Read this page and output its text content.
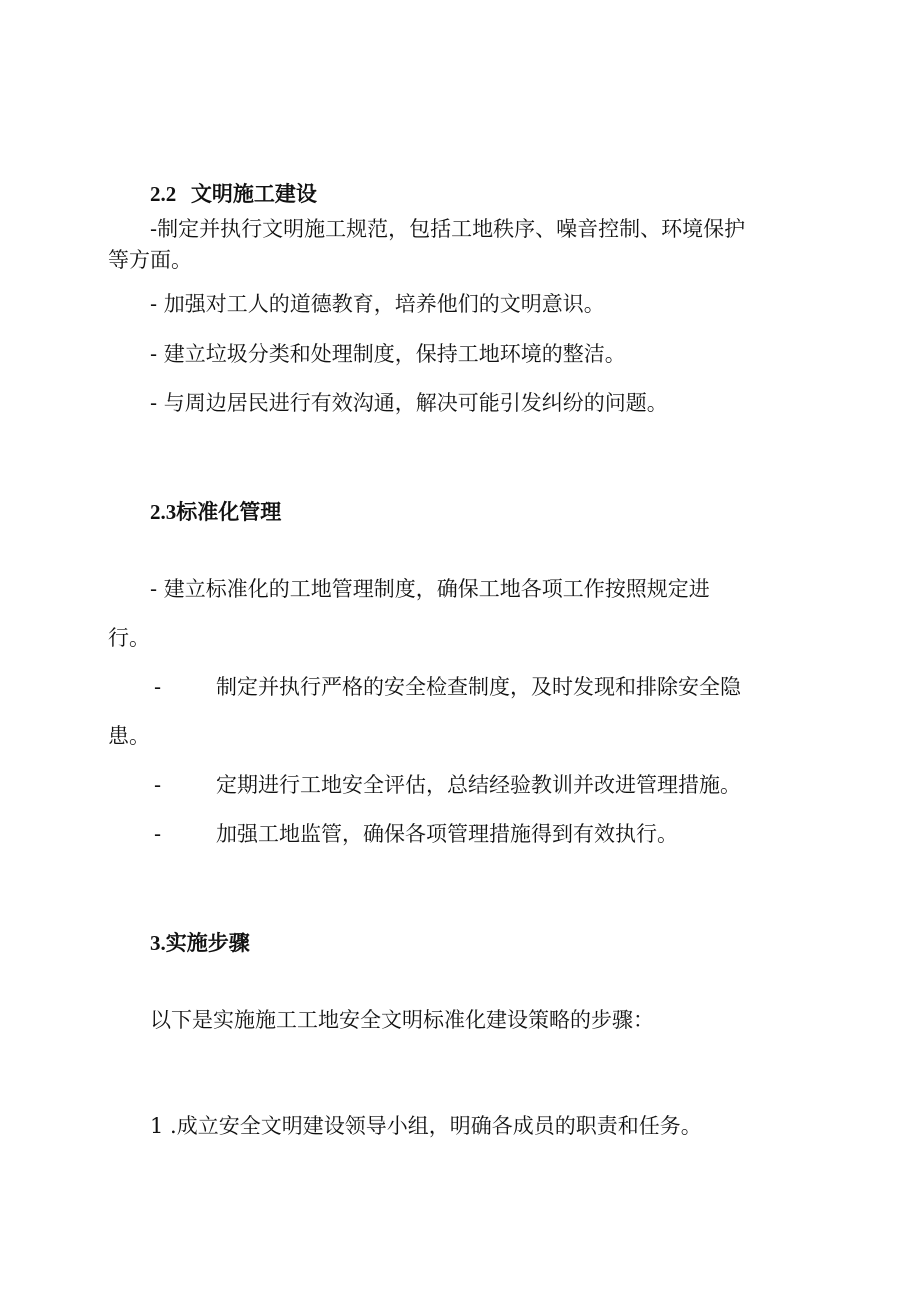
2.2 文明施工建设

-制定并执行文明施工规范，包括工地秩序、噪音控制、环境保护

等方面。

- 加强对工人的道德教育，培养他们的文明意识。

- 建立垃圾分类和处理制度，保持工地环境的整洁。

- 与周边居民进行有效沟通，解决可能引发纠纷的问题。

2.3标准化管理

- 建立标准化的工地管理制度，确保工地各项工作按照规定进

行。

-	制定并执行严格的安全检查制度，及时发现和排除安全隐

患。

-	定期进行工地安全评估，总结经验教训并改进管理措施。

-	加强工地监管，确保各项管理措施得到有效执行。

3.实施步骤

以下是实施施工工地安全文明标准化建设策略的步骤：

1 .成立安全文明建设领导小组，明确各成员的职责和任务。
